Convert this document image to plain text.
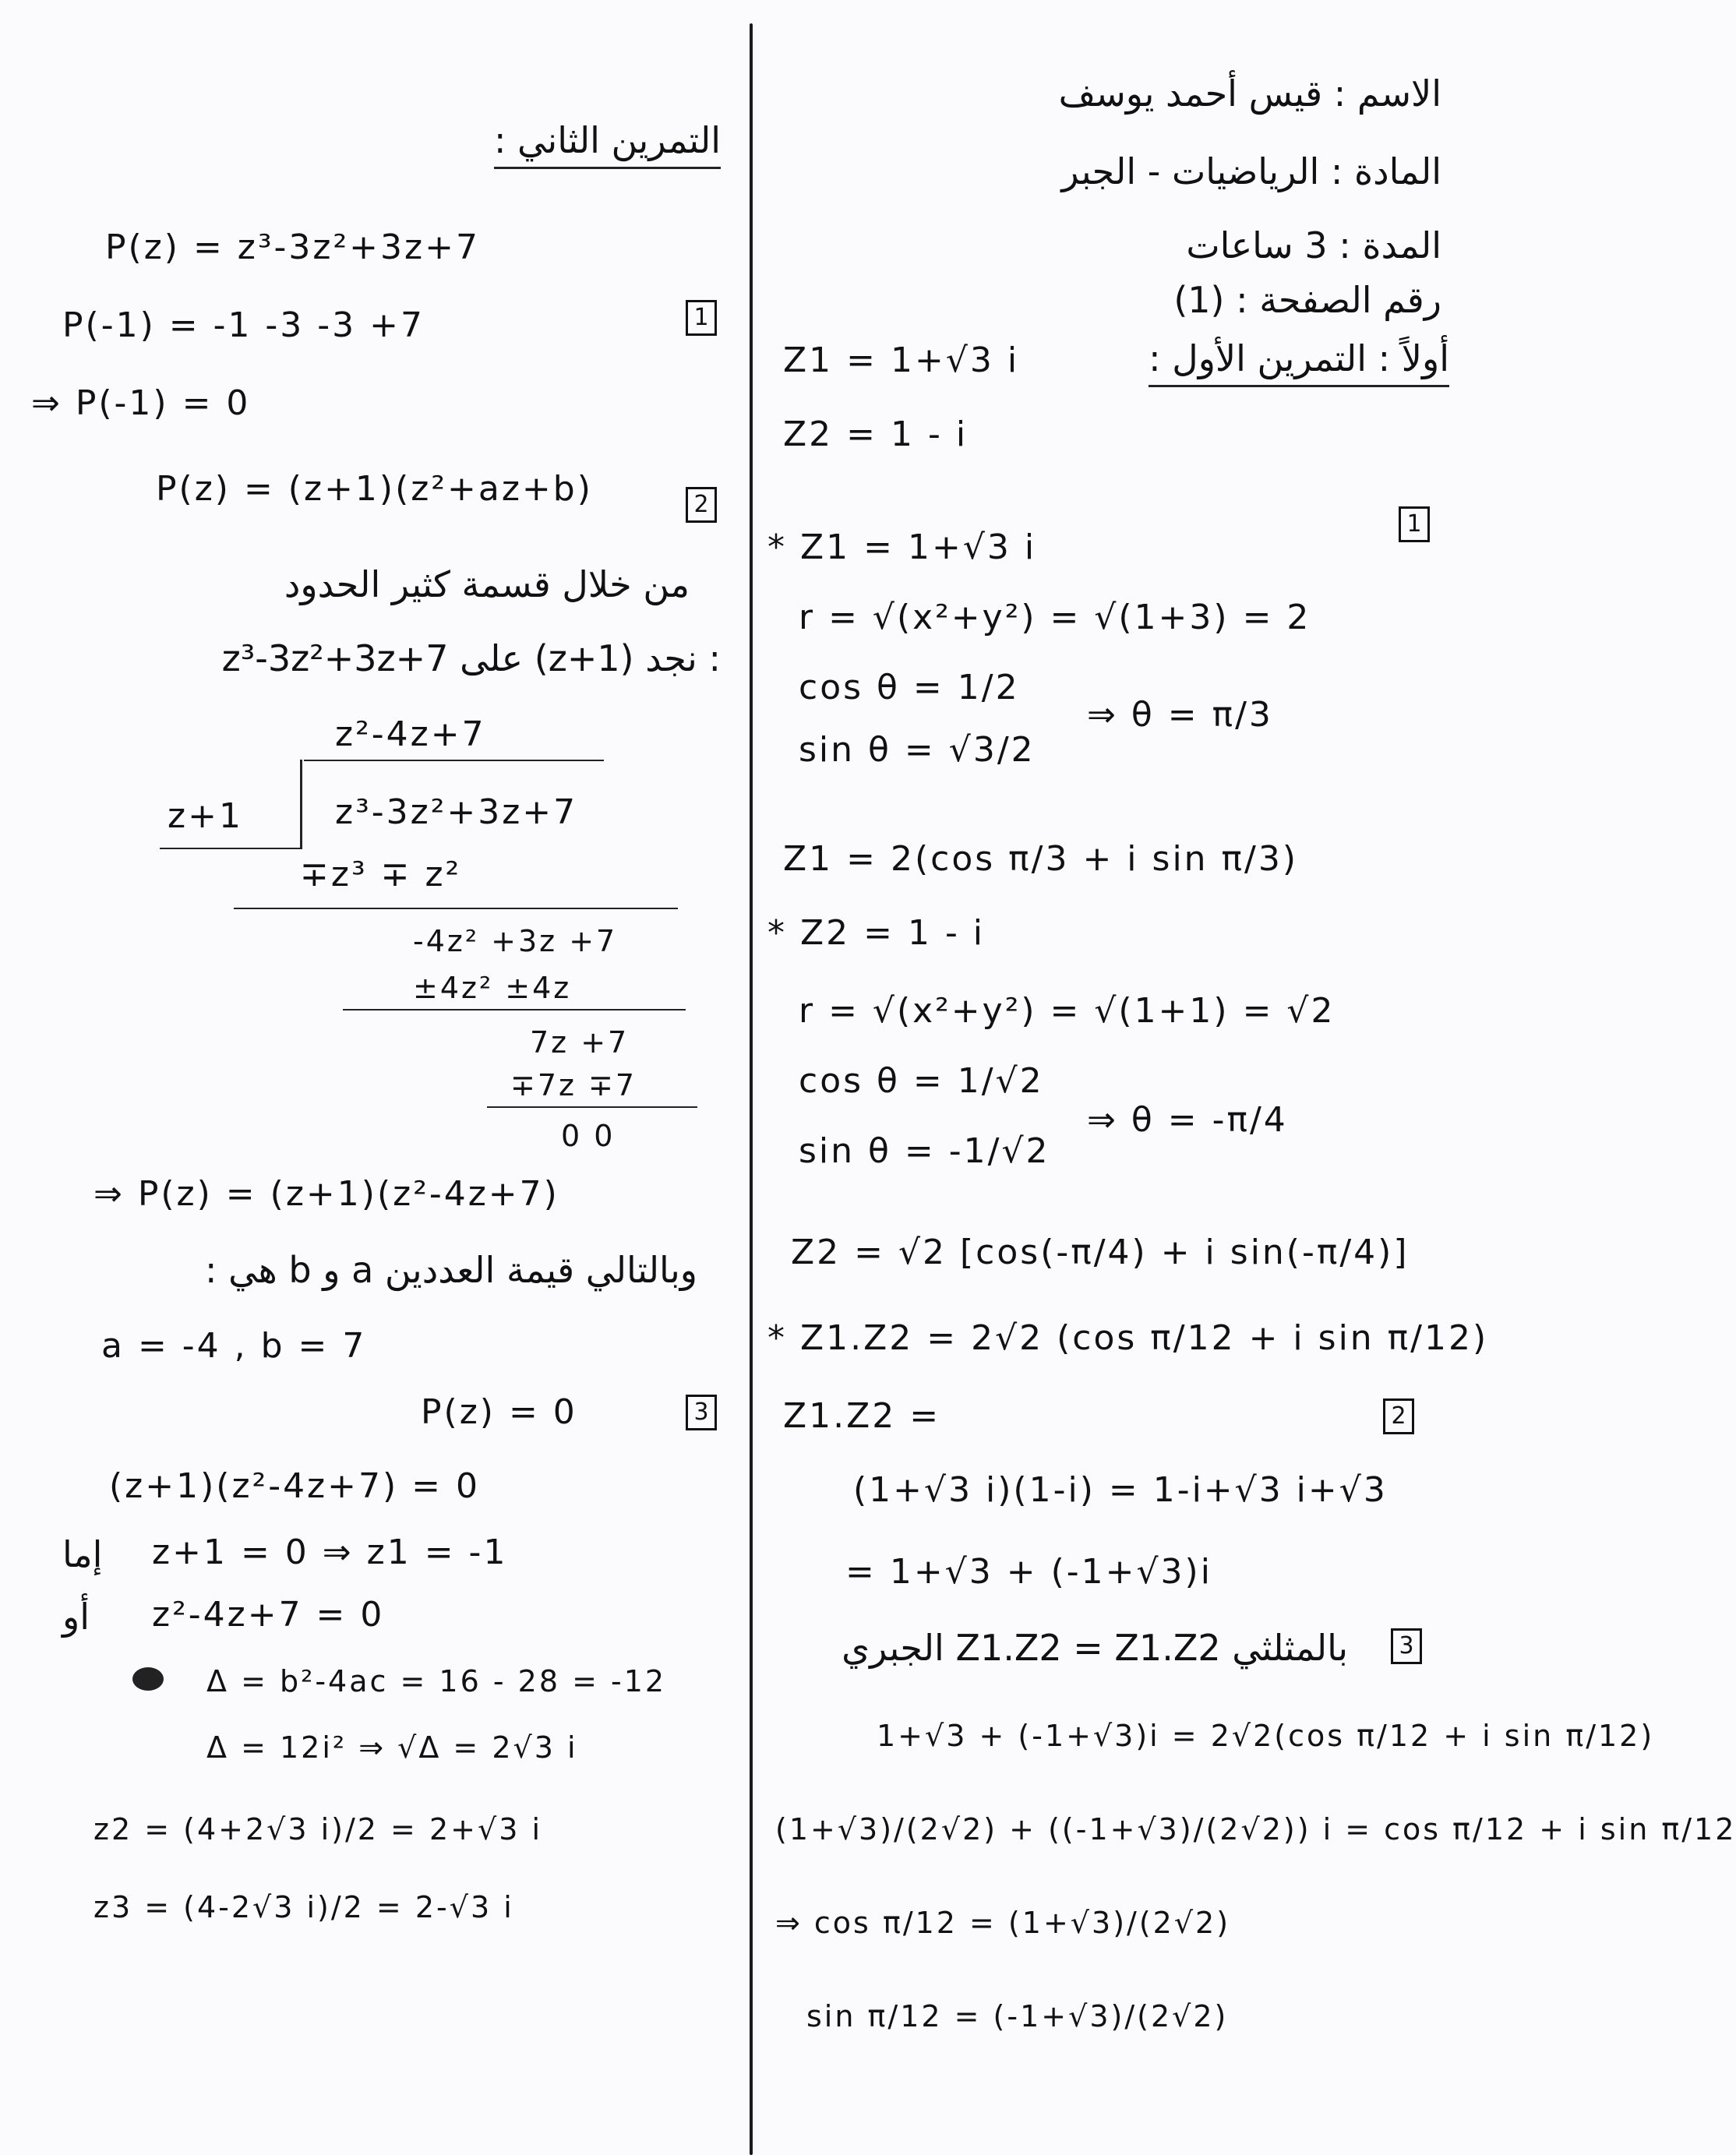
الاسم : قيس أحمد يوسف
المادة : الرياضيات - الجبر
المدة : 3 ساعات
رقم الصفحة : (1)
أولاً : التمرين الأول :
Z1 = 1+√3 i
Z2 = 1 - i
1
* Z1 = 1+√3 i
r = √(x²+y²) = √(1+3) = 2
cos θ = 1/2
sin θ = √3/2
⇒ θ = π/3
Z1 = 2(cos π/3 + i sin π/3)
* Z2 = 1 - i
r = √(x²+y²) = √(1+1) = √2
cos θ = 1/√2
sin θ = -1/√2
⇒ θ = -π/4
Z2 = √2 [cos(-π/4) + i sin(-π/4)]
* Z1.Z2 = 2√2 (cos π/12 + i sin π/12)
2
Z1.Z2 =
(1+√3 i)(1-i) = 1-i+√3 i+√3
= 1+√3 + (-1+√3)i
3
بالمثلثي Z1.Z2 = Z1.Z2 الجبري
1+√3 + (-1+√3)i = 2√2(cos π/12 + i sin π/12)
(1+√3)/(2√2) + ((-1+√3)/(2√2)) i = cos π/12 + i sin π/12
⇒ cos π/12 = (1+√3)/(2√2)
sin π/12 = (-1+√3)/(2√2)
التمرين الثاني :
P(z) = z³-3z²+3z+7
1
P(-1) = -1 -3 -3 +7
⇒ P(-1) = 0
2
P(z) = (z+1)(z²+az+b)
من خلال قسمة كثير الحدود
z³-3z²+3z+7 على (z+1) نجد :
z²-4z+7
z+1	z³-3z²+3z+7
∓z³ ∓ z²
-4z² +3z +7
±4z² ±4z
7z +7
∓7z ∓7
0 0
⇒ P(z) = (z+1)(z²-4z+7)
وبالتالي قيمة العددين a و b هي :
a = -4 , b = 7
3
P(z) = 0
(z+1)(z²-4z+7) = 0
إما z+1 = 0 ⇒ z1 = -1
أو z²-4z+7 = 0
Δ = b²-4ac = 16 - 28 = -12
Δ = 12i² ⇒ √Δ = 2√3 i
z2 = (4+2√3 i)/2 = 2+√3 i
z3 = (4-2√3 i)/2 = 2-√3 i
